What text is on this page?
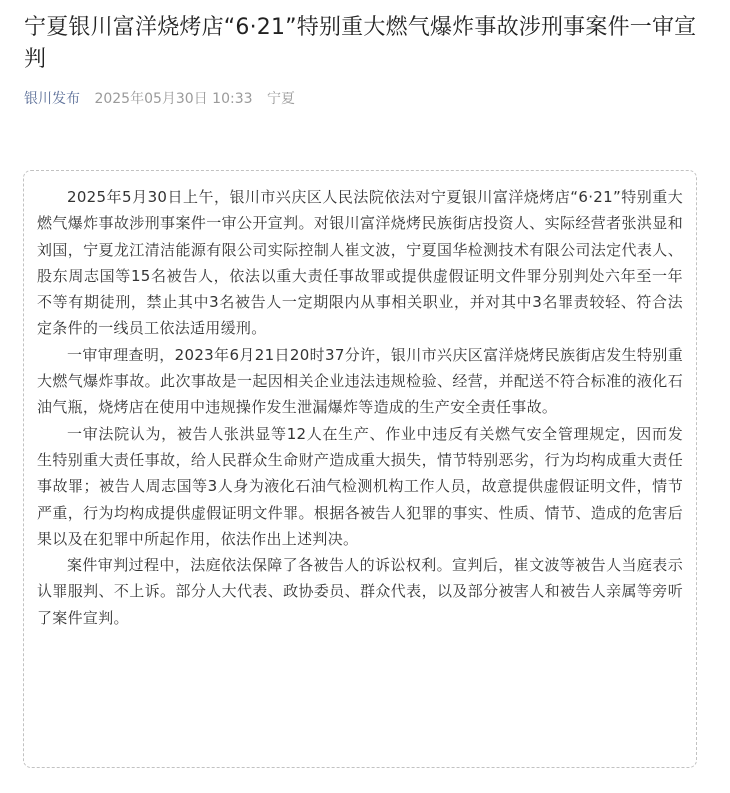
宁夏银川富洋烧烤店“6·21”特别重大燃气爆炸事故涉刑事案件一审宣判
银川发布 2025年05月30日 10:33 宁夏

2025年5月30日上午，银川市兴庆区人民法院依法对宁夏银川富洋烧烤店“6·21”特别重大燃气爆炸事故涉刑事案件一审公开宣判。对银川富洋烧烤民族街店投资人、实际经营者张洪显和刘国，宁夏龙江清洁能源有限公司实际控制人崔文波，宁夏国华检测技术有限公司法定代表人、股东周志国等15名被告人，依法以重大责任事故罪或提供虚假证明文件罪分别判处六年至一年不等有期徒刑，禁止其中3名被告人一定期限内从事相关职业，并对其中3名罪责较轻、符合法定条件的一线员工依法适用缓刑。

一审审理查明，2023年6月21日20时37分许，银川市兴庆区富洋烧烤民族街店发生特别重大燃气爆炸事故。此次事故是一起因相关企业违法违规检验、经营，并配送不符合标准的液化石油气瓶，烧烤店在使用中违规操作发生泄漏爆炸等造成的生产安全责任事故。

一审法院认为，被告人张洪显等12人在生产、作业中违反有关燃气安全管理规定，因而发生特别重大责任事故，给人民群众生命财产造成重大损失，情节特别恶劣，行为均构成重大责任事故罪；被告人周志国等3人身为液化石油气检测机构工作人员，故意提供虚假证明文件，情节严重，行为均构成提供虚假证明文件罪。根据各被告人犯罪的事实、性质、情节、造成的危害后果以及在犯罪中所起作用，依法作出上述判决。

案件审判过程中，法庭依法保障了各被告人的诉讼权利。宣判后，崔文波等被告人当庭表示认罪服判、不上诉。部分人大代表、政协委员、群众代表，以及部分被害人和被告人亲属等旁听了案件宣判。
